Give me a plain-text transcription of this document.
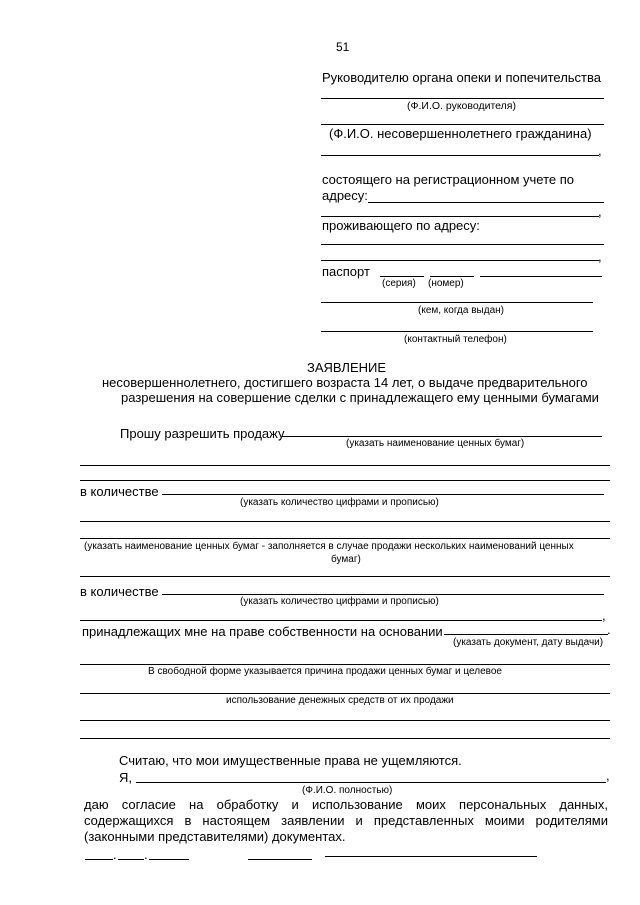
51
Руководителю органа опеки и попечительства
(Ф.И.О. руководителя)
(Ф.И.О. несовершеннолетнего гражданина)
,
состоящего на регистрационном учете по
адресу:
,
проживающего по адресу:
,
паспорт
(серия) (номер)
(кем, когда выдан)
(контактный телефон)
ЗАЯВЛЕНИЕ
несовершеннолетнего, достигшего возраста 14 лет, о выдаче предварительного
разрешения на совершение сделки с принадлежащего ему ценными бумагами
Прошу разрешить продажу
(указать наименование ценных бумаг)
в количестве
(указать количество цифрами и прописью)
(указать наименование ценных бумаг - заполняется в случае продажи нескольких наименований ценных
бумаг)
в количестве
(указать количество цифрами и прописью)
,
принадлежащих мне на праве собственности на основании	.
(указать документ, дату выдачи)
В свободной форме указывается причина продажи ценных бумаг и целевое
использование денежных средств от их продажи
Считаю, что мои имущественные права не ущемляются.
Я,	,
(Ф.И.О. полностью)
даю согласие на обработку и использование моих персональных данных,
содержащихся в настоящем заявлении и представленных моими родителями
(законными представителями) документах.
. .
